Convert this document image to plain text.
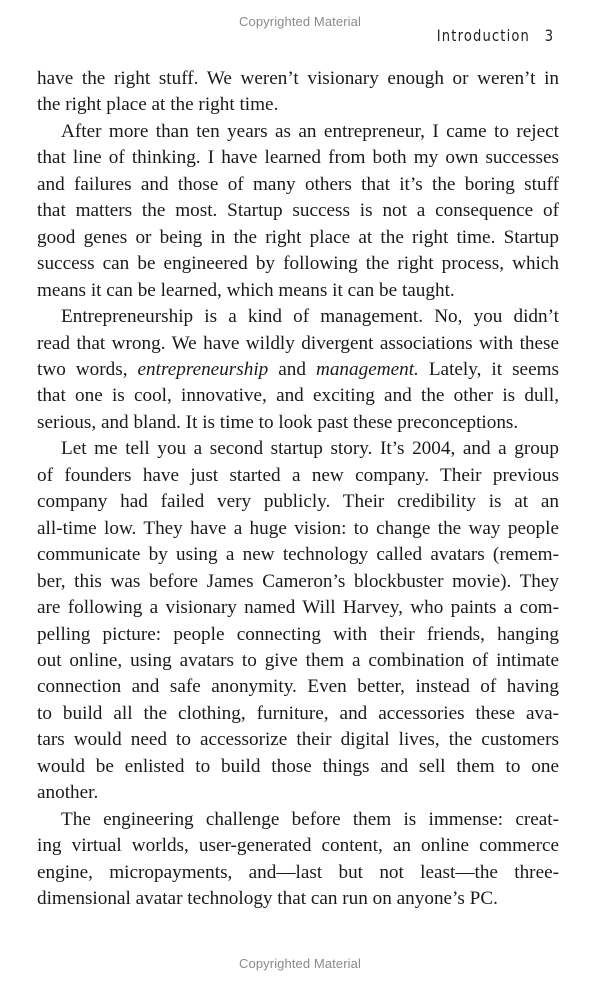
Copyrighted Material
Introduction 3

have the right stuff. We weren’t visionary enough or weren’t in
the right place at the right time.

After more than ten years as an entrepreneur, I came to reject
that line of thinking. I have learned from both my own successes
and failures and those of many others that it’s the boring stuff
that matters the most. Startup success is not a consequence of
good genes or being in the right place at the right time. Startup
success can be engineered by following the right process, which
means it can be learned, which means it can be taught.

Entrepreneurship is a kind of management. No, you didn’t
read that wrong. We have wildly divergent associations with these
two words, entrepreneurship and management. Lately, it seems
that one is cool, innovative, and exciting and the other is dull,
serious, and bland. It is time to look past these preconceptions.

Let me tell you a second startup story. It’s 2004, and a group
of founders have just started a new company. Their previous
company had failed very publicly. Their credibility is at an
all-time low. They have a huge vision: to change the way people
communicate by using a new technology called avatars (remem-
ber, this was before James Cameron’s blockbuster movie). They
are following a visionary named Will Harvey, who paints a com-
pelling picture: people connecting with their friends, hanging
out online, using avatars to give them a combination of intimate
connection and safe anonymity. Even better, instead of having
to build all the clothing, furniture, and accessories these ava-
tars would need to accessorize their digital lives, the customers
would be enlisted to build those things and sell them to one
another.

The engineering challenge before them is immense: creat-
ing virtual worlds, user-generated content, an online commerce
engine, micropayments, and—last but not least—the three-
dimensional avatar technology that can run on anyone’s PC.

Copyrighted Material
